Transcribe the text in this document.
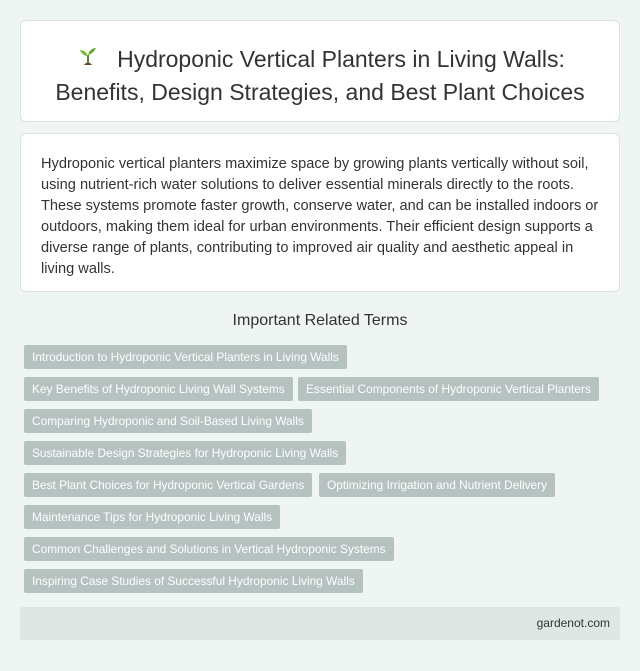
Hydroponic Vertical Planters in Living Walls:
Benefits, Design Strategies, and Best Plant Choices
Hydroponic vertical planters maximize space by growing plants vertically without soil, using nutrient-rich water solutions to deliver essential minerals directly to the roots. These systems promote faster growth, conserve water, and can be installed indoors or outdoors, making them ideal for urban environments. Their efficient design supports a diverse range of plants, contributing to improved air quality and aesthetic appeal in living walls.
Important Related Terms
Introduction to Hydroponic Vertical Planters in Living Walls
Key Benefits of Hydroponic Living Wall Systems	Essential Components of Hydroponic Vertical Planters
Comparing Hydroponic and Soil-Based Living Walls
Sustainable Design Strategies for Hydroponic Living Walls
Best Plant Choices for Hydroponic Vertical Gardens	Optimizing Irrigation and Nutrient Delivery
Maintenance Tips for Hydroponic Living Walls
Common Challenges and Solutions in Vertical Hydroponic Systems
Inspiring Case Studies of Successful Hydroponic Living Walls
gardenot.com
